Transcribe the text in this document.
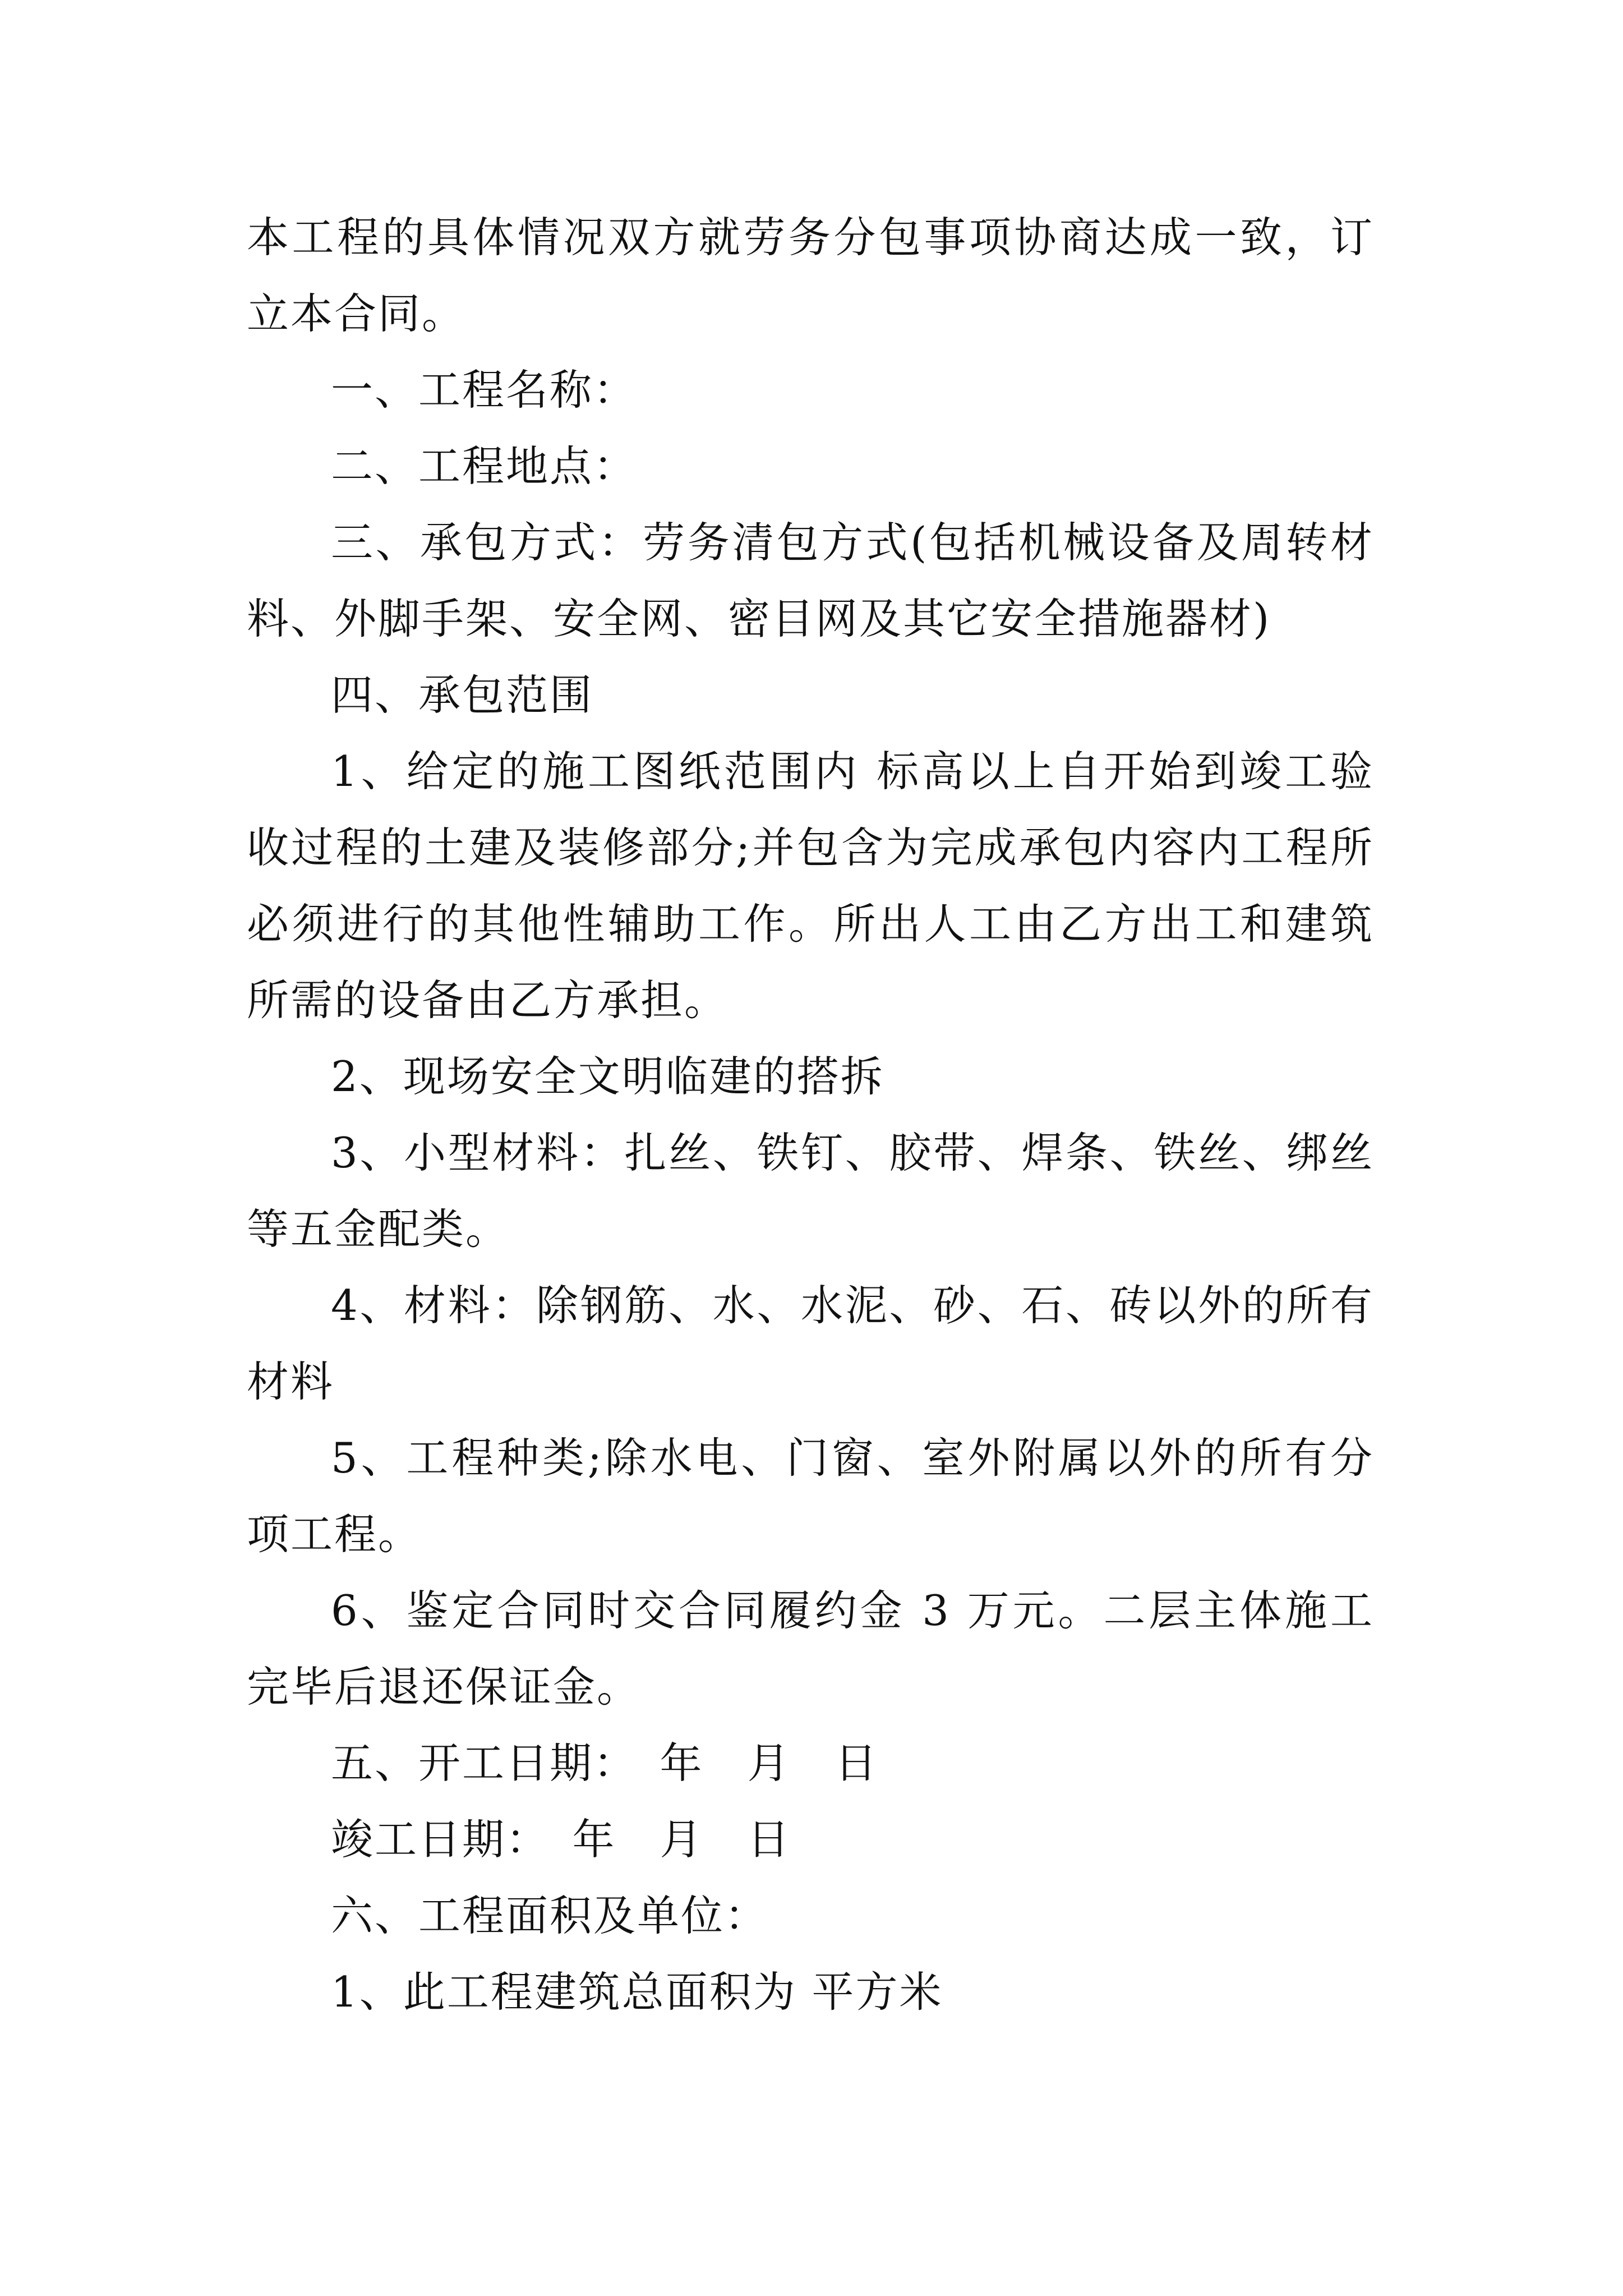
本工程的具体情况双方就劳务分包事项协商达成一致，订立本合同。

一、工程名称：

二、工程地点：

三、承包方式：劳务清包方式(包括机械设备及周转材料、外脚手架、安全网、密目网及其它安全措施器材)

四、承包范围

1、给定的施工图纸范围内 标高以上自开始到竣工验收过程的土建及装修部分;并包含为完成承包内容内工程所必须进行的其他性辅助工作。所出人工由乙方出工和建筑所需的设备由乙方承担。

2、现场安全文明临建的搭拆

3、小型材料：扎丝、铁钉、胶带、焊条、铁丝、绑丝等五金配类。

4、材料：除钢筋、水、水泥、砂、石、砖以外的所有材料

5、工程种类;除水电、门窗、室外附属以外的所有分项工程。

6、鉴定合同时交合同履约金 3 万元。二层主体施工完毕后退还保证金。

五、开工日期：　年　月　日

竣工日期：　年　月　日

六、工程面积及单位：

1、此工程建筑总面积为 平方米
